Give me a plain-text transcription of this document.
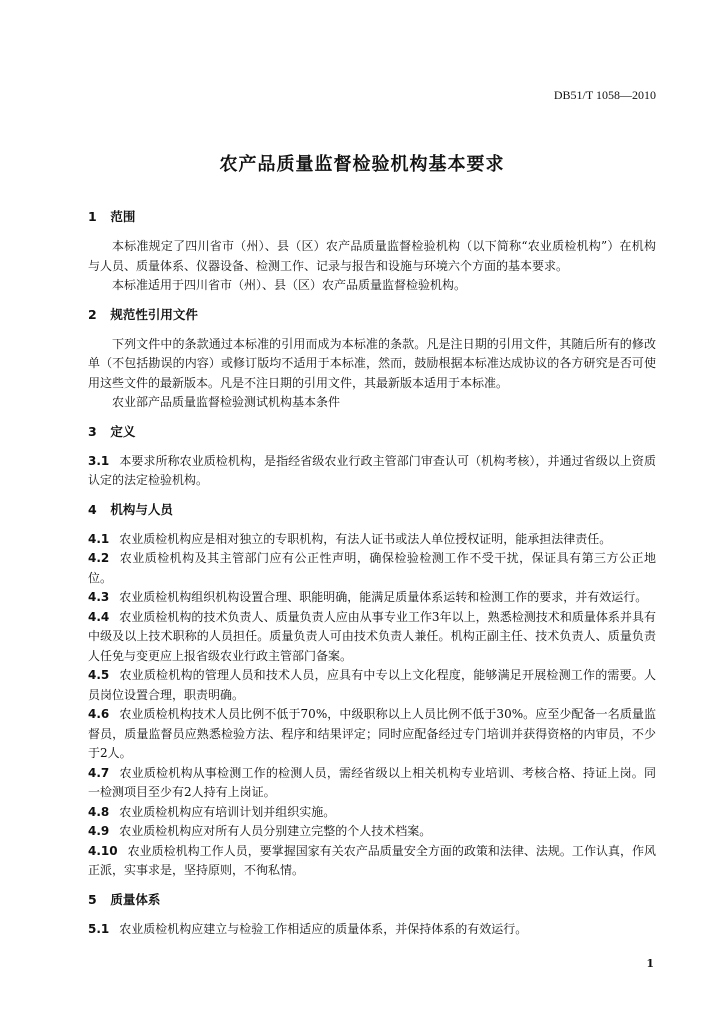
DB51/T 1058—2010
农产品质量监督检验机构基本要求
1 范围
本标准规定了四川省市（州）、县（区）农产品质量监督检验机构（以下简称“农业质检机构”）在机构与人员、质量体系、仪器设备、检测工作、记录与报告和设施与环境六个方面的基本要求。
本标准适用于四川省市（州）、县（区）农产品质量监督检验机构。
2 规范性引用文件
下列文件中的条款通过本标准的引用而成为本标准的条款。凡是注日期的引用文件，其随后所有的修改单（不包括勘误的内容）或修订版均不适用于本标准，然而，鼓励根据本标准达成协议的各方研究是否可使用这些文件的最新版本。凡是不注日期的引用文件，其最新版本适用于本标准。
农业部产品质量监督检验测试机构基本条件
3 定义
3.1 本要求所称农业质检机构，是指经省级农业行政主管部门审查认可（机构考核），并通过省级以上资质认定的法定检验机构。
4 机构与人员
4.1 农业质检机构应是相对独立的专职机构，有法人证书或法人单位授权证明，能承担法律责任。
4.2 农业质检机构及其主管部门应有公正性声明，确保检验检测工作不受干扰，保证具有第三方公正地位。
4.3 农业质检机构组织机构设置合理、职能明确，能满足质量体系运转和检测工作的要求，并有效运行。
4.4 农业质检机构的技术负责人、质量负责人应由从事专业工作3年以上，熟悉检测技术和质量体系并具有中级及以上技术职称的人员担任。质量负责人可由技术负责人兼任。机构正副主任、技术负责人、质量负责人任免与变更应上报省级农业行政主管部门备案。
4.5 农业质检机构的管理人员和技术人员，应具有中专以上文化程度，能够满足开展检测工作的需要。人员岗位设置合理，职责明确。
4.6 农业质检机构技术人员比例不低于70%，中级职称以上人员比例不低于30%。应至少配备一名质量监督员，质量监督员应熟悉检验方法、程序和结果评定；同时应配备经过专门培训并获得资格的内审员，不少于2人。
4.7 农业质检机构从事检测工作的检测人员，需经省级以上相关机构专业培训、考核合格、持证上岗。同一检测项目至少有2人持有上岗证。
4.8 农业质检机构应有培训计划并组织实施。
4.9 农业质检机构应对所有人员分别建立完整的个人技术档案。
4.10 农业质检机构工作人员，要掌握国家有关农产品质量安全方面的政策和法律、法规。工作认真，作风正派，实事求是，坚持原则，不徇私情。
5 质量体系
5.1 农业质检机构应建立与检验工作相适应的质量体系，并保持体系的有效运行。
1
